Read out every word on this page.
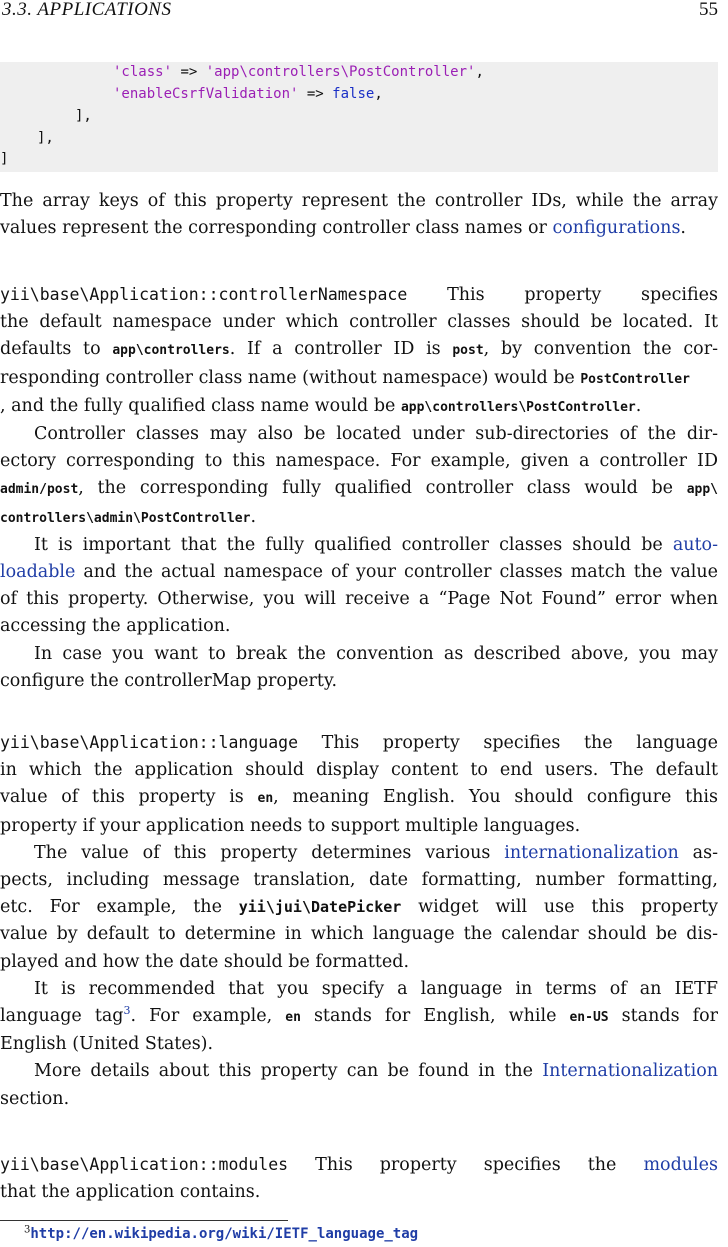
3.3. APPLICATIONS	55
'class' => 'app\controllers\PostController',
'enableCsrfValidation' => false,
],
],
]
The array keys of this property represent the controller IDs, while the array
values represent the corresponding controller class names or configurations.
yii\base\Application::controllerNamespace This property specifies
the default namespace under which controller classes should be located. It
defaults to app\controllers. If a controller ID is post, by convention the cor-
responding controller class name (without namespace) would be PostController
, and the fully qualified class name would be app\controllers\PostController.
Controller classes may also be located under sub-directories of the dir-
ectory corresponding to this namespace. For example, given a controller ID
admin/post, the corresponding fully qualified controller class would be app\
controllers\admin\PostController.
It is important that the fully qualified controller classes should be auto-
loadable and the actual namespace of your controller classes match the value
of this property. Otherwise, you will receive a “Page Not Found” error when
accessing the application.
In case you want to break the convention as described above, you may
configure the controllerMap property.
yii\base\Application::language This property specifies the language
in which the application should display content to end users. The default
value of this property is en, meaning English. You should configure this
property if your application needs to support multiple languages.
The value of this property determines various internationalization as-
pects, including message translation, date formatting, number formatting,
etc. For example, the yii\jui\DatePicker widget will use this property
value by default to determine in which language the calendar should be dis-
played and how the date should be formatted.
It is recommended that you specify a language in terms of an IETF
language tag$^3$. For example, en stands for English, while en-US stands for
English (United States).
More details about this property can be found in the Internationalization
section.
yii\base\Application::modules This property specifies the modules
that the application contains.
$^3$http://en.wikipedia.org/wiki/IETF_language_tag
